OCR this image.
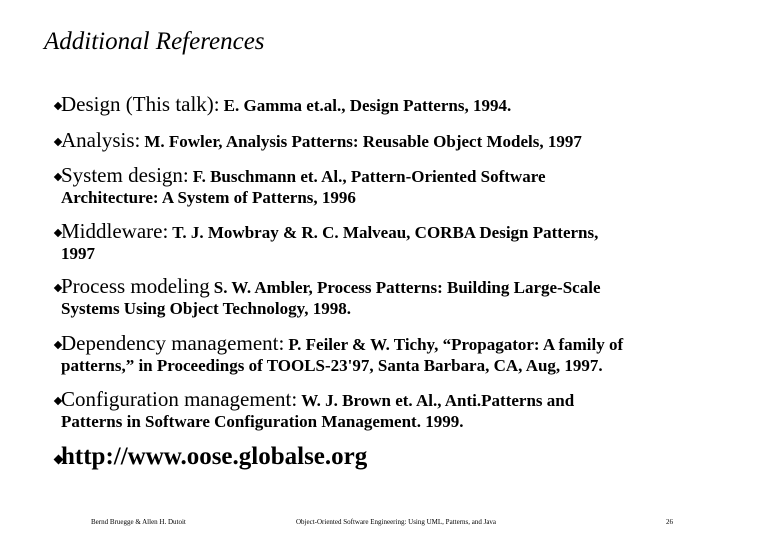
Additional References
Design (This talk): E. Gamma et.al., Design Patterns, 1994.
Analysis: M. Fowler, Analysis Patterns: Reusable Object Models, 1997
System design: F. Buschmann et. Al., Pattern-Oriented Software
Architecture: A System of Patterns, 1996
Middleware: T. J. Mowbray & R. C. Malveau, CORBA Design Patterns,
1997
Process modeling S. W. Ambler, Process Patterns: Building Large-Scale
Systems Using Object Technology, 1998.
Dependency management: P. Feiler & W. Tichy, “Propagator: A family of
patterns,” in Proceedings of TOOLS-23'97, Santa Barbara, CA, Aug, 1997.
Configuration management: W. J. Brown et. Al., Anti.Patterns and
Patterns in Software Configuration Management. 1999.
http://www.oose.globalse.org
Bernd Bruegge & Allen H. Dutoit	Object-Oriented Software Engineering: Using UML, Patterns, and Java	26
